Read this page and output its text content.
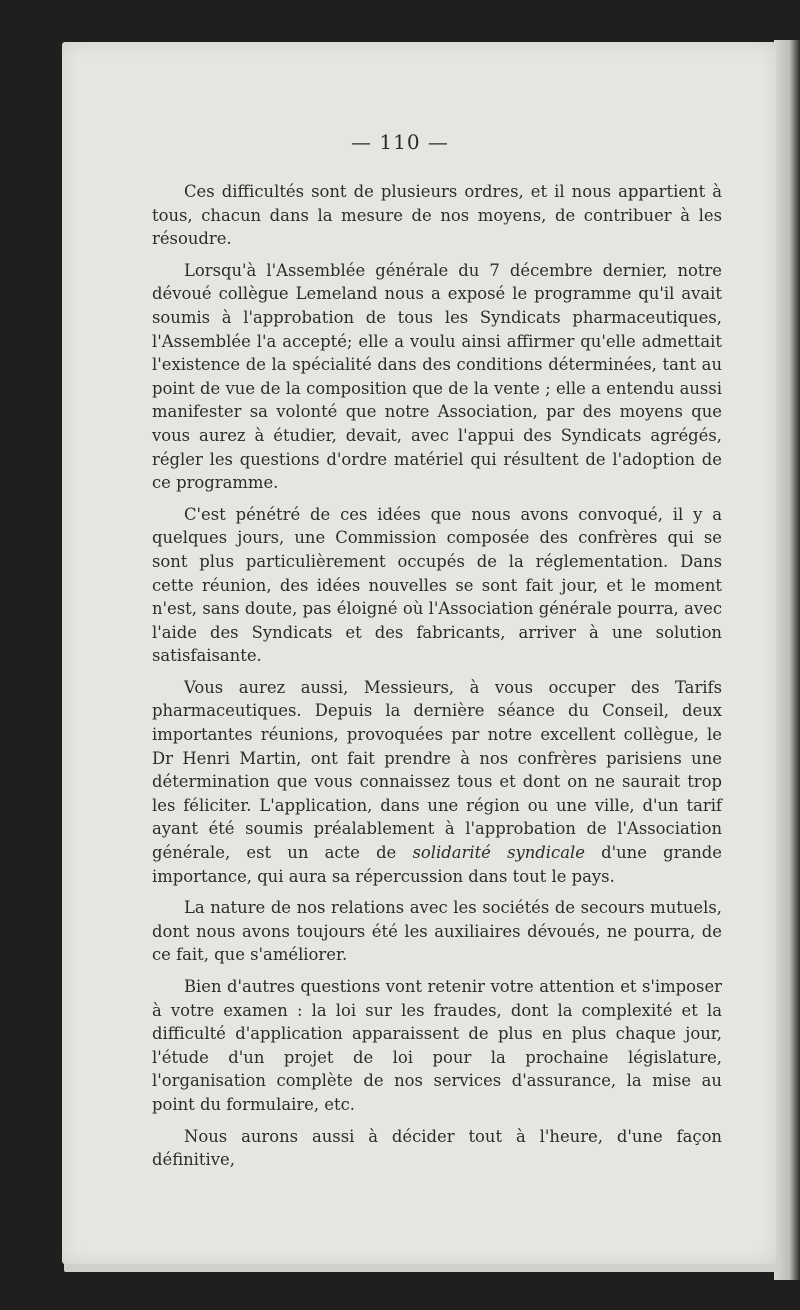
— 110 —

Ces difficultés sont de plusieurs ordres, et il nous appartient à tous, chacun dans la mesure de nos moyens, de contribuer à les résoudre.

Lorsqu'à l'Assemblée générale du 7 décembre dernier, notre dévoué collègue Lemeland nous a exposé le programme qu'il avait soumis à l'approbation de tous les Syndicats pharmaceutiques, l'Assemblée l'a accepté; elle a voulu ainsi affirmer qu'elle admettait l'existence de la spécialité dans des conditions déterminées, tant au point de vue de la composition que de la vente ; elle a entendu aussi manifester sa volonté que notre Association, par des moyens que vous aurez à étudier, devait, avec l'appui des Syndicats agrégés, régler les questions d'ordre matériel qui résultent de l'adoption de ce programme.

C'est pénétré de ces idées que nous avons convoqué, il y a quelques jours, une Commission composée des confrères qui se sont plus particulièrement occupés de la réglementation. Dans cette réunion, des idées nouvelles se sont fait jour, et le moment n'est, sans doute, pas éloigné où l'Association générale pourra, avec l'aide des Syndicats et des fabricants, arriver à une solution satisfaisante.

Vous aurez aussi, Messieurs, à vous occuper des Tarifs pharmaceutiques. Depuis la dernière séance du Conseil, deux importantes réunions, provoquées par notre excellent collègue, le Dr Henri Martin, ont fait prendre à nos confrères parisiens une détermination que vous connaissez tous et dont on ne saurait trop les féliciter. L'application, dans une région ou une ville, d'un tarif ayant été soumis préalablement à l'approbation de l'Association générale, est un acte de solidarité syndicale d'une grande importance, qui aura sa répercussion dans tout le pays.

La nature de nos relations avec les sociétés de secours mutuels, dont nous avons toujours été les auxiliaires dévoués, ne pourra, de ce fait, que s'améliorer.

Bien d'autres questions vont retenir votre attention et s'imposer à votre examen : la loi sur les fraudes, dont la complexité et la difficulté d'application apparaissent de plus en plus chaque jour, l'étude d'un projet de loi pour la prochaine législature, l'organisation complète de nos services d'assurance, la mise au point du formulaire, etc.

Nous aurons aussi à décider tout à l'heure, d'une façon définitive,
